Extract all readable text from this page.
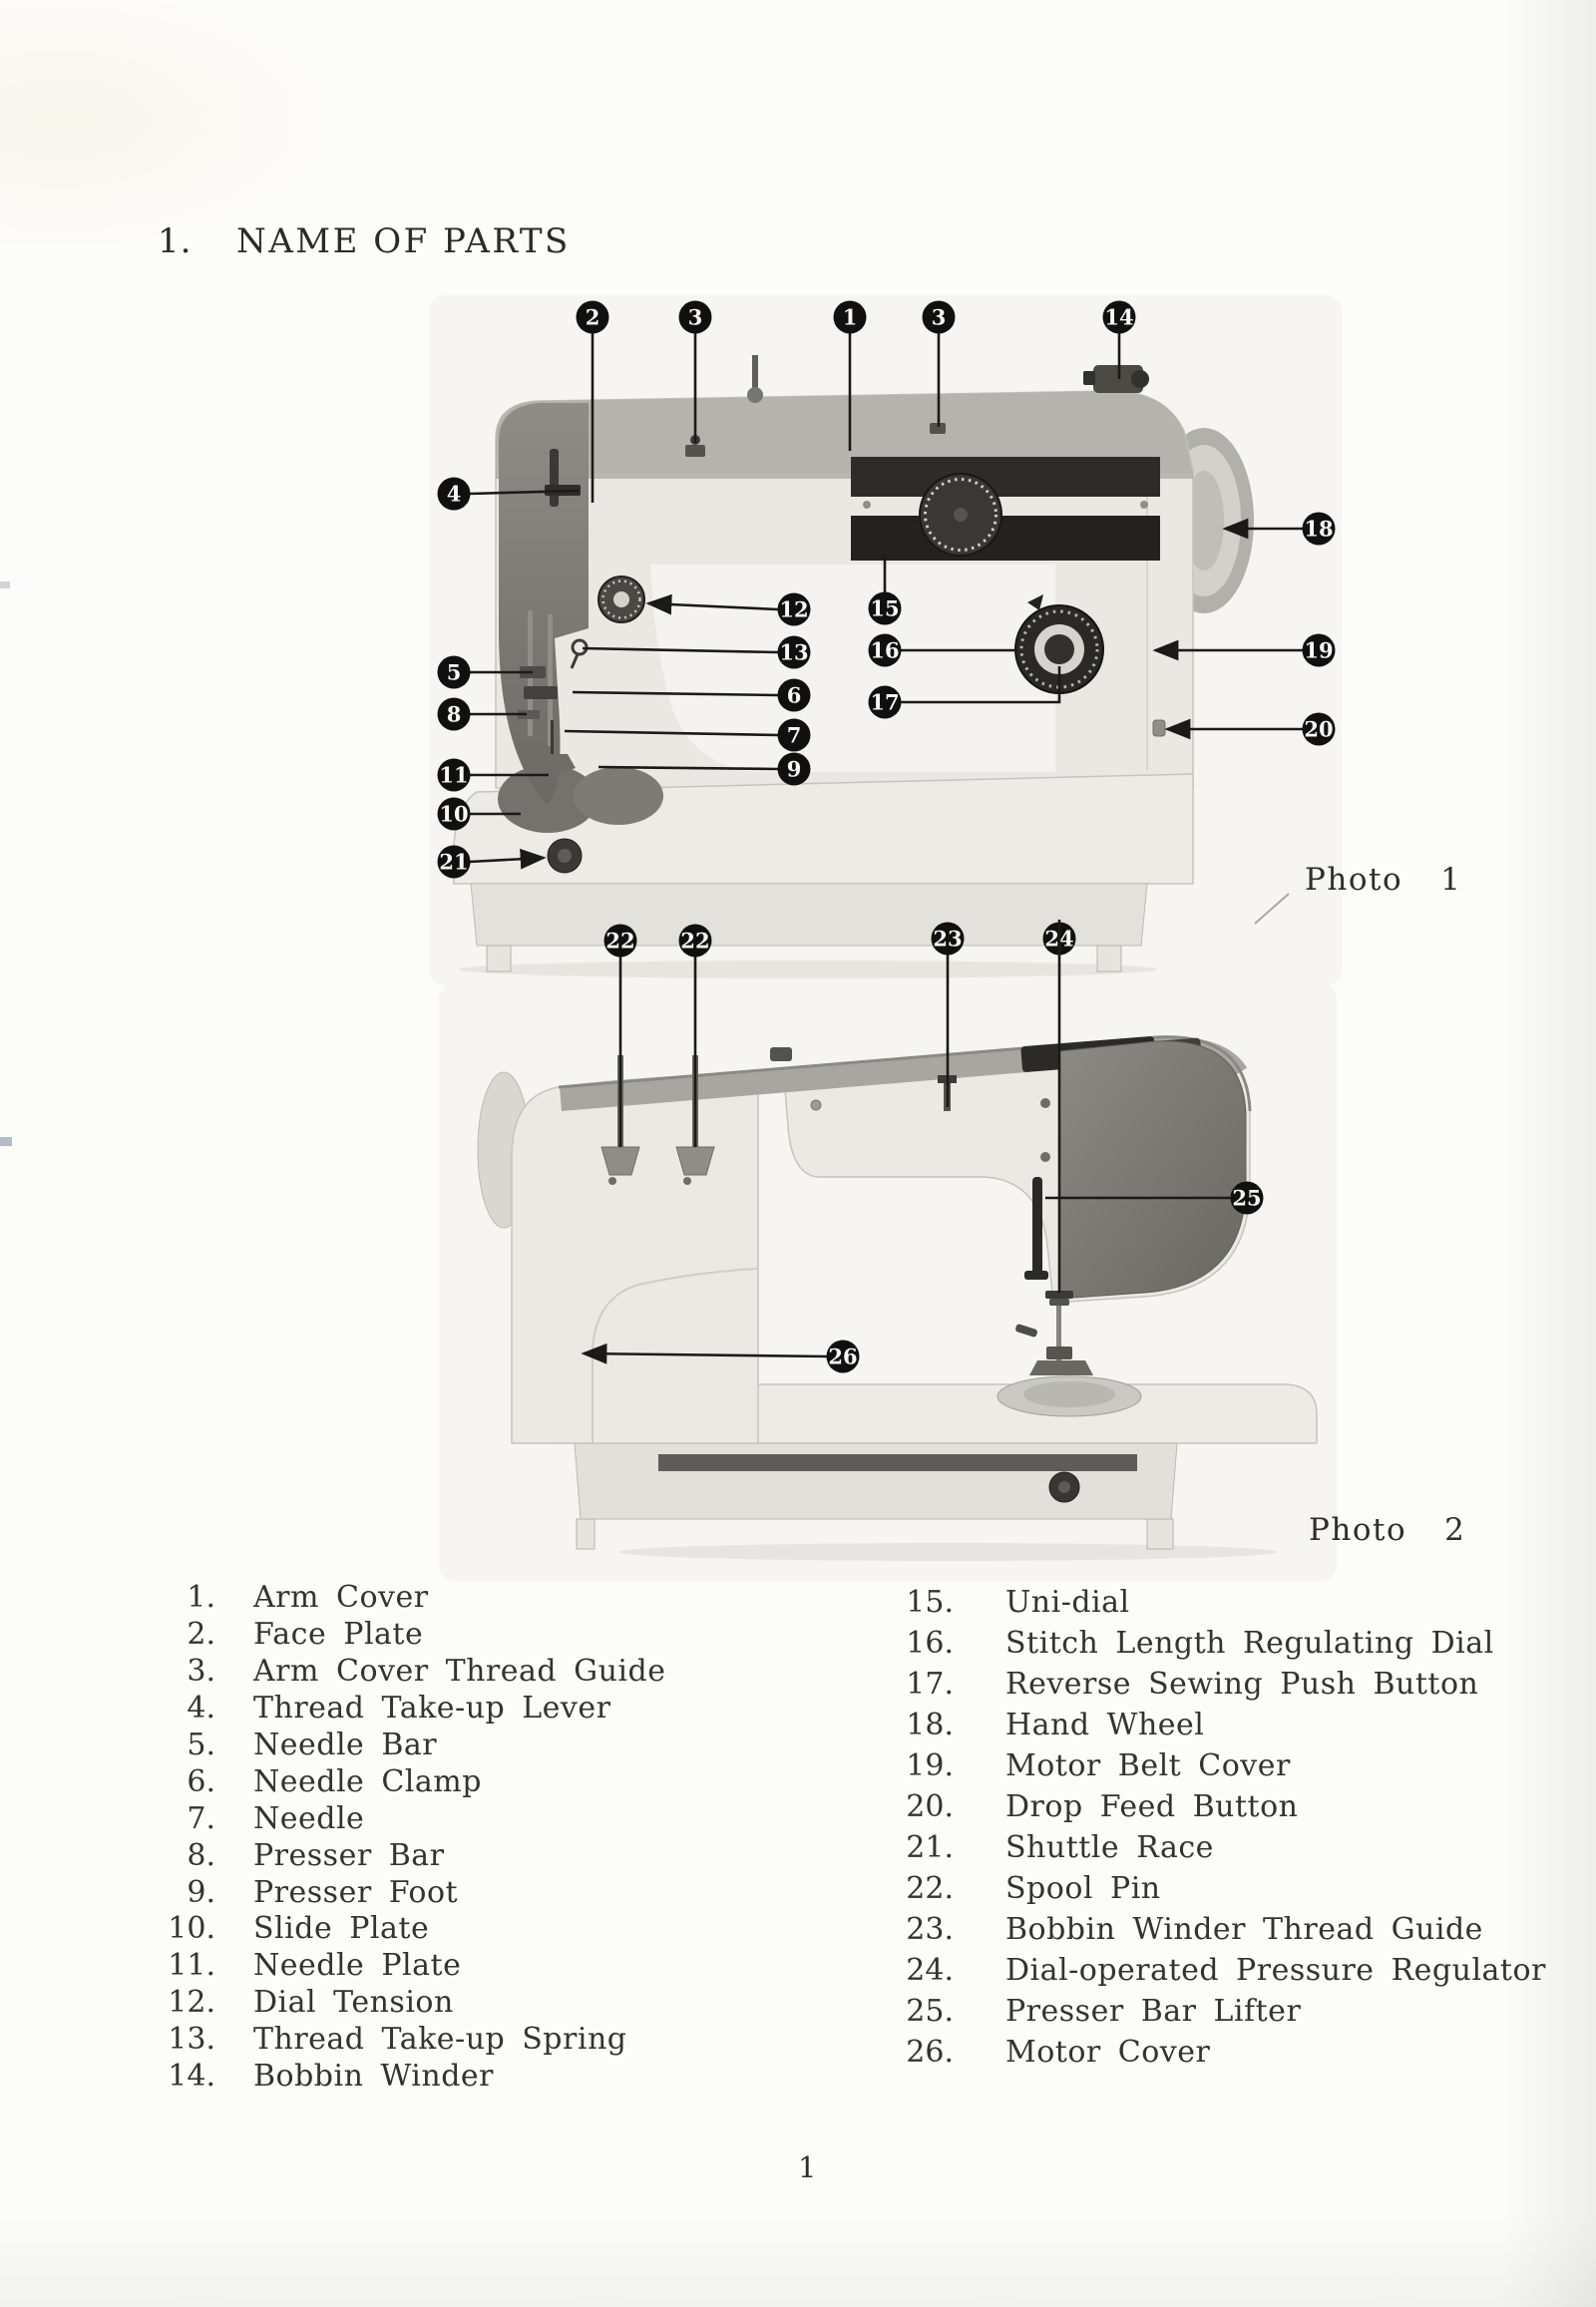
1. NAME OF PARTS
2	3	1	3	14
4
5
8
11
10
21
12
13
6
7
9
15
16
17
18
19
20
22 22	23	24
25
26
Photo 1
Photo 2
1. Arm Cover
2. Face Plate
3. Arm Cover Thread Guide
4. Thread Take-up Lever
5. Needle Bar
6. Needle Clamp
7. Needle
8. Presser Bar
9. Presser Foot
10. Slide Plate
11. Needle Plate
12. Dial Tension
13. Thread Take-up Spring
14. Bobbin Winder
15. Uni-dial
16. Stitch Length Regulating Dial
17. Reverse Sewing Push Button
18. Hand Wheel
19. Motor Belt Cover
20. Drop Feed Button
21. Shuttle Race
22. Spool Pin
23. Bobbin Winder Thread Guide
24. Dial-operated Pressure Regulator
25. Presser Bar Lifter
26. Motor Cover
1
